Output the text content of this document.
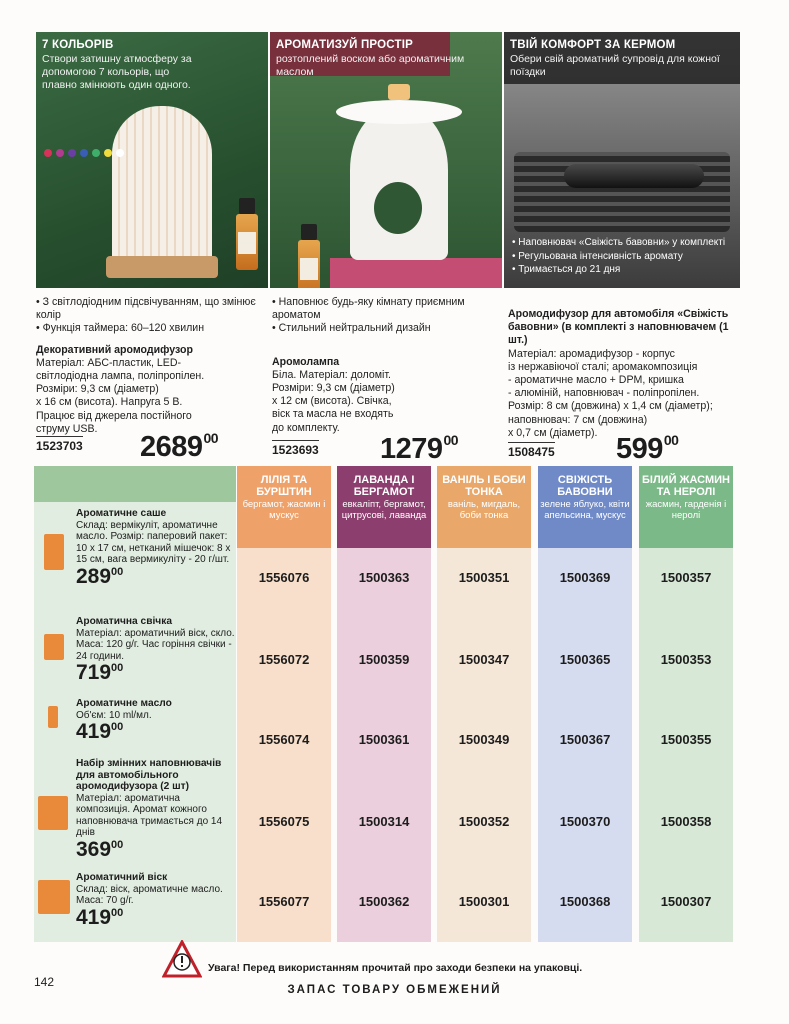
7 КОЛЬОРІВ
Створи затишну атмосферу за допомогою 7 кольорів, що плавно змінюють один одного.
АРОМАТИЗУЙ ПРОСТІР
розтоплений воском або ароматичним маслом
ТВІЙ КОМФОРТ ЗА КЕРМОМ
Обери свій ароматний супровід для кожної поїздки
• Наповнювач «Свіжість бавовни» у комплекті
• Регульована інтенсивність аромату
• Тримається до 21 дня
• З світлодіодним підсвічуванням, що змінює колір
• Функція таймера: 60–120 хвилин
Декоративний аромодифузор
Матеріал: АБС-пластик, LED-
світлодіодна лампа, поліпропілен.
Розміри: 9,3 см (діаметр)
х 16 см (висота). Напруга 5 В.
Працює від джерела постійного
струму USB.
1523703 2689$^{00}$
• Наповнює будь-яку кімнату приємним ароматом
• Стильний нейтральний дизайн
Аромолампа
Біла. Матеріал: доломіт.
Розміри: 9,3 см (діаметр)
х 12 см (висота). Свічка,
віск та масла не входять
до комплекту.
1523693 1279$^{00}$
Аромодифузор для автомобіля «Свіжість бавовни» (в комплекті з наповнювачем (1 шт.)
Матеріал: аромадифузор - корпус
із нержавіючої сталі; аромакомпозиція
- ароматичне масло + DPM, кришка
- алюміній, наповнювач - поліпропілен.
Розмір: 8 см (довжина) х 1,4 см (діаметр);
наповнювач: 7 см (довжина)
х 0,7 см (діаметр).
1508475 $599^{00}$
ЛІЛІЯ ТА БУРШТИН
бергамот, жасмин і мускус
1556076
1556072
1556074
1556075
1556077
ЛАВАНДА І БЕРГАМОТ
евкаліпт, бергамот, цитрусові, лаванда
1500363
1500359
1500361
1500314
1500362
ВАНІЛЬ І БОБИ ТОНКА
ваніль, мигдаль, боби тонка
1500351
1500347
1500349
1500352
1500301
СВІЖІСТЬ БАВОВНИ
зелене яблуко, квіти апельсина, мускус
1500369
1500365
1500367
1500370
1500368
БІЛИЙ ЖАСМИН ТА НЕРОЛІ
жасмин, гарденія і неролі
1500357
1500353
1500355
1500358
1500307
Ароматичне саше
Склад: вермікуліт, ароматичне масло. Розмір: паперовий пакет: 10 х 17 см, нетканий мішечок: 8 х 15 см, вага вермикуліту - 20 г/шт.
$289^{00}$
Ароматична свічка
Матеріал: ароматичний віск, скло. Маса: 120 g/г. Час горіння свічки - 24 години.
$719^{00}$
Ароматичне масло
Об'єм: 10 ml/мл.
$419^{00}$
Набір змінних наповнювачів для автомобільного аромодифузора (2 шт)
Матеріал: ароматична композиція. Аромат кожного наповнювача тримається до 14 днів
$369^{00}$
Ароматичний віск
Склад: віск, ароматичне масло. Маса: 70 g/г.
$419^{00}$
Увага! Перед використанням прочитай про заходи безпеки на упаковці.
142
ЗАПАС ТОВАРУ ОБМЕЖЕНИЙ
